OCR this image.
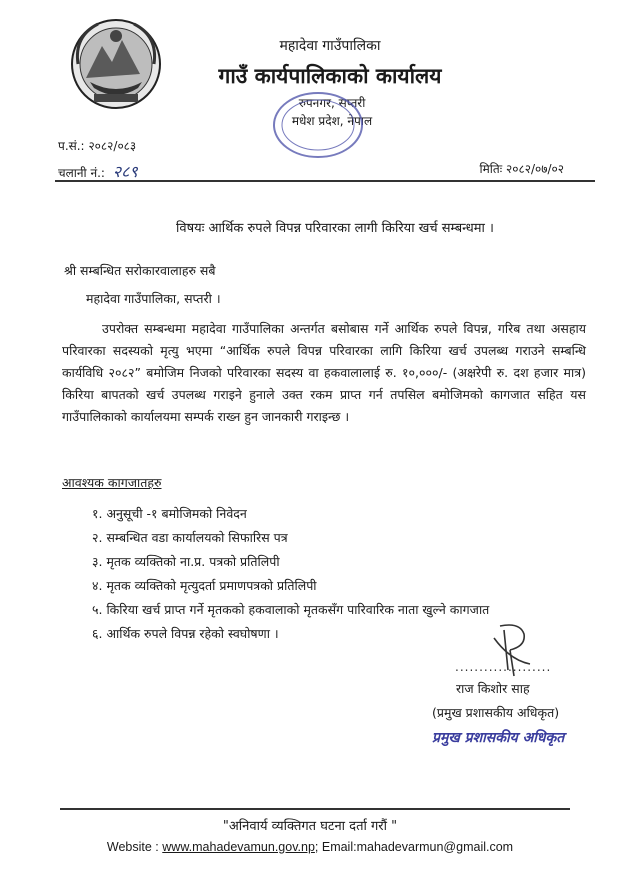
महादेवा गाउँपालिका
गाउँ कार्यपालिकाको कार्यालय
रुपनगर, सप्तरी
मधेश प्रदेश, नेपाल
प.सं.: २०८२/०८३
चलानी नं.: २८९	मितिः २०८२/०७/०२
विषयः आर्थिक रुपले विपन्न परिवारका लागी किरिया खर्च सम्बन्धमा ।
श्री सम्बन्धित सरोकारवालाहरु सबै
महादेवा गाउँपालिका, सप्तरी ।
उपरोक्त सम्बन्धमा महादेवा गाउँपालिका अन्तर्गत बसोबास गर्ने आर्थिक रुपले विपन्न, गरिब तथा असहाय परिवारका सदस्यको मृत्यु भएमा “आर्थिक रुपले विपन्न परिवारका लागि किरिया खर्च उपलब्ध गराउने सम्बन्धि कार्यविधि २०८२” बमोजिम निजको परिवारका सदस्य वा हकवालालाई रु. १०,०००/- (अक्षरेपी रु. दश हजार मात्र) किरिया बापतको खर्च उपलब्ध गराइने हुनाले उक्त रकम प्राप्त गर्न तपसिल बमोजिमको कागजात सहित यस गाउँपालिकाको कार्यालयमा सम्पर्क राख्न हुन जानकारी गराइन्छ ।
आवश्यक कागजातहरु
१. अनुसूची -१ बमोजिमको निवेदन
२. सम्बन्धित वडा कार्यालयको सिफारिस पत्र
३. मृतक व्यक्तिको ना.प्र. पत्रको प्रतिलिपी
४. मृतक व्यक्तिको मृत्युदर्ता प्रमाणपत्रको प्रतिलिपी
५. किरिया खर्च प्राप्त गर्ने मृतकको हकवालाको मृतकसँग पारिवारिक नाता खुल्ने कागजात
६. आर्थिक रुपले विपन्न रहेको स्वघोषणा ।
....................
राज किशोर साह
(प्रमुख प्रशासकीय अधिकृत)
प्रमुख प्रशासकीय अधिकृत
"अनिवार्य व्यक्तिगत घटना दर्ता गरौं "
Website : www.mahadevamun.gov.np; Email:mahadevarmun@gmail.com
